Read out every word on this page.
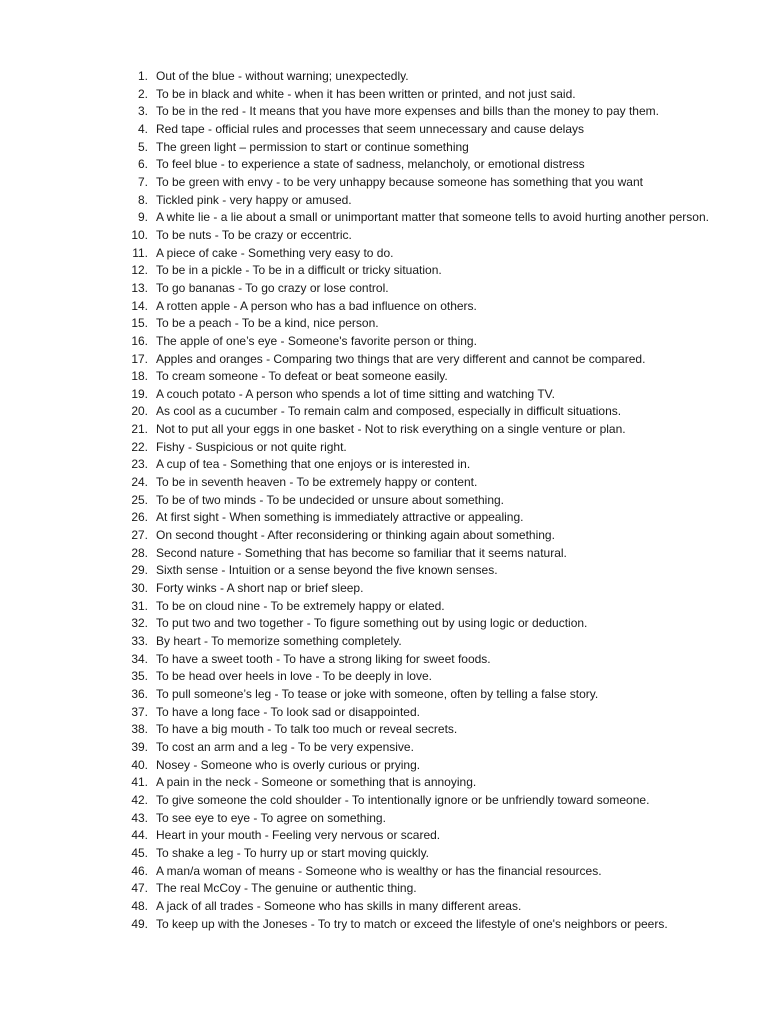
1. Out of the blue - without warning; unexpectedly.
2. To be in black and white - when it has been written or printed, and not just said.
3. To be in the red - It means that you have more expenses and bills than the money to pay them.
4. Red tape - official rules and processes that seem unnecessary and cause delays
5. The green light – permission to start or continue something
6. To feel blue - to experience a state of sadness, melancholy, or emotional distress
7. To be green with envy - to be very unhappy because someone has something that you want
8. Tickled pink - very happy or amused.
9. A white lie - a lie about a small or unimportant matter that someone tells to avoid hurting another person.
10. To be nuts - To be crazy or eccentric.
11. A piece of cake - Something very easy to do.
12. To be in a pickle - To be in a difficult or tricky situation.
13. To go bananas - To go crazy or lose control.
14. A rotten apple - A person who has a bad influence on others.
15. To be a peach - To be a kind, nice person.
16. The apple of one’s eye - Someone's favorite person or thing.
17. Apples and oranges - Comparing two things that are very different and cannot be compared.
18. To cream someone - To defeat or beat someone easily.
19. A couch potato - A person who spends a lot of time sitting and watching TV.
20. As cool as a cucumber - To remain calm and composed, especially in difficult situations.
21. Not to put all your eggs in one basket - Not to risk everything on a single venture or plan.
22. Fishy - Suspicious or not quite right.
23. A cup of tea - Something that one enjoys or is interested in.
24. To be in seventh heaven - To be extremely happy or content.
25. To be of two minds - To be undecided or unsure about something.
26. At first sight - When something is immediately attractive or appealing.
27. On second thought - After reconsidering or thinking again about something.
28. Second nature - Something that has become so familiar that it seems natural.
29. Sixth sense - Intuition or a sense beyond the five known senses.
30. Forty winks - A short nap or brief sleep.
31. To be on cloud nine - To be extremely happy or elated.
32. To put two and two together - To figure something out by using logic or deduction.
33. By heart - To memorize something completely.
34. To have a sweet tooth - To have a strong liking for sweet foods.
35. To be head over heels in love - To be deeply in love.
36. To pull someone’s leg - To tease or joke with someone, often by telling a false story.
37. To have a long face - To look sad or disappointed.
38. To have a big mouth - To talk too much or reveal secrets.
39. To cost an arm and a leg - To be very expensive.
40. Nosey - Someone who is overly curious or prying.
41. A pain in the neck - Someone or something that is annoying.
42. To give someone the cold shoulder - To intentionally ignore or be unfriendly toward someone.
43. To see eye to eye - To agree on something.
44. Heart in your mouth - Feeling very nervous or scared.
45. To shake a leg - To hurry up or start moving quickly.
46. A man/a woman of means - Someone who is wealthy or has the financial resources.
47. The real McCoy - The genuine or authentic thing.
48. A jack of all trades - Someone who has skills in many different areas.
49. To keep up with the Joneses - To try to match or exceed the lifestyle of one's neighbors or peers.
